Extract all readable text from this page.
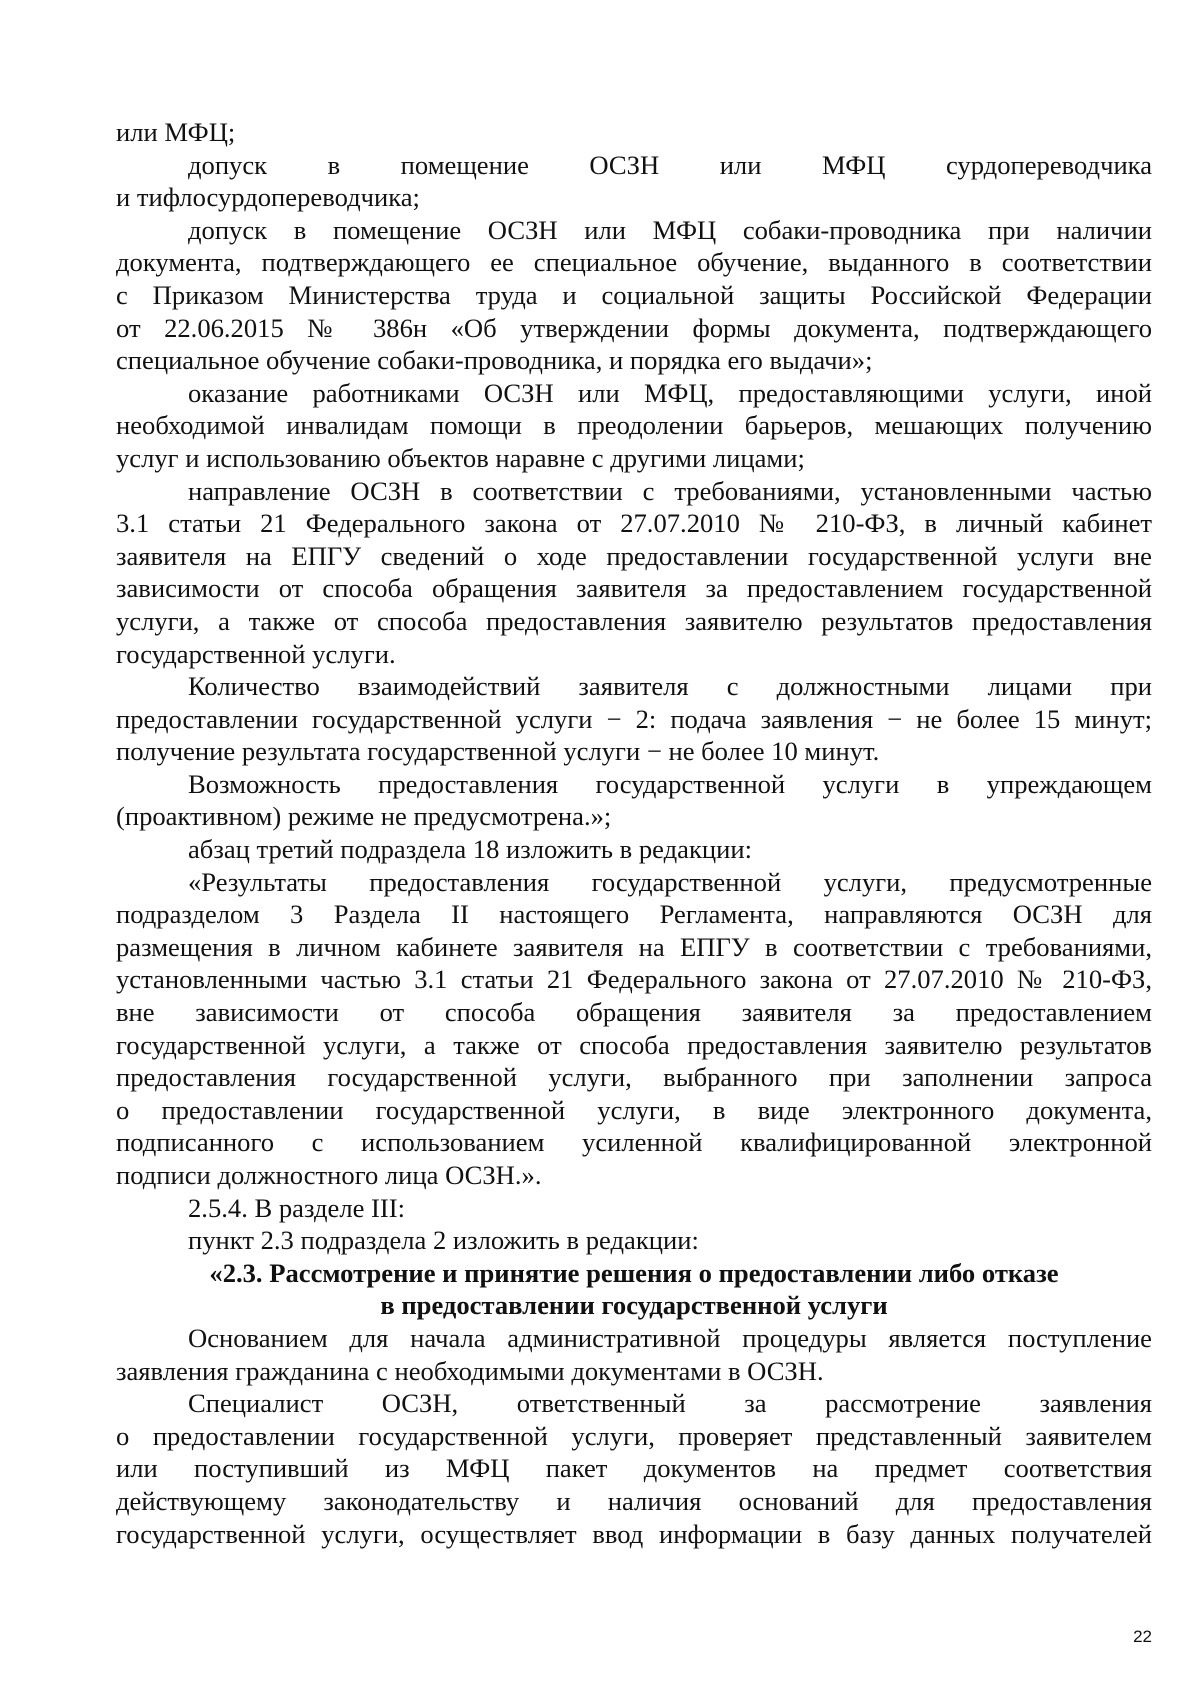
или МФЦ;
допуск в помещение ОСЗН или МФЦ сурдопереводчика
и тифлосурдопереводчика;
допуск в помещение ОСЗН или МФЦ собаки-проводника при наличии
документа, подтверждающего ее специальное обучение, выданного в соответствии
с Приказом Министерства труда и социальной защиты Российской Федерации
от 22.06.2015 № 386н «Об утверждении формы документа, подтверждающего
специальное обучение собаки-проводника, и порядка его выдачи»;
оказание работниками ОСЗН или МФЦ, предоставляющими услуги, иной
необходимой инвалидам помощи в преодолении барьеров, мешающих получению
услуг и использованию объектов наравне с другими лицами;
направление ОСЗН в соответствии с требованиями, установленными частью
3.1 статьи 21 Федерального закона от 27.07.2010 № 210-ФЗ, в личный кабинет
заявителя на ЕПГУ сведений о ходе предоставлении государственной услуги вне
зависимости от способа обращения заявителя за предоставлением государственной
услуги, а также от способа предоставления заявителю результатов предоставления
государственной услуги.
Количество взаимодействий заявителя с должностными лицами при
предоставлении государственной услуги − 2: подача заявления − не более 15 минут;
получение результата государственной услуги − не более 10 минут.
Возможность предоставления государственной услуги в упреждающем
(проактивном) режиме не предусмотрена.»;
абзац третий подраздела 18 изложить в редакции:
«Результаты предоставления государственной услуги, предусмотренные
подразделом 3 Раздела II настоящего Регламента, направляются ОСЗН для
размещения в личном кабинете заявителя на ЕПГУ в соответствии с требованиями,
установленными частью 3.1 статьи 21 Федерального закона от 27.07.2010 № 210-ФЗ,
вне зависимости от способа обращения заявителя за предоставлением
государственной услуги, а также от способа предоставления заявителю результатов
предоставления государственной услуги, выбранного при заполнении запроса
о предоставлении государственной услуги, в виде электронного документа,
подписанного с использованием усиленной квалифицированной электронной
подписи должностного лица ОСЗН.».
2.5.4. В разделе III:
пункт 2.3 подраздела 2 изложить в редакции:
«2.3. Рассмотрение и принятие решения о предоставлении либо отказе
в предоставлении государственной услуги
Основанием для начала административной процедуры является поступление
заявления гражданина с необходимыми документами в ОСЗН.
Специалист ОСЗН, ответственный за рассмотрение заявления
о предоставлении государственной услуги, проверяет представленный заявителем
или поступивший из МФЦ пакет документов на предмет соответствия
действующему законодательству и наличия оснований для предоставления
государственной услуги, осуществляет ввод информации в базу данных получателей
22
